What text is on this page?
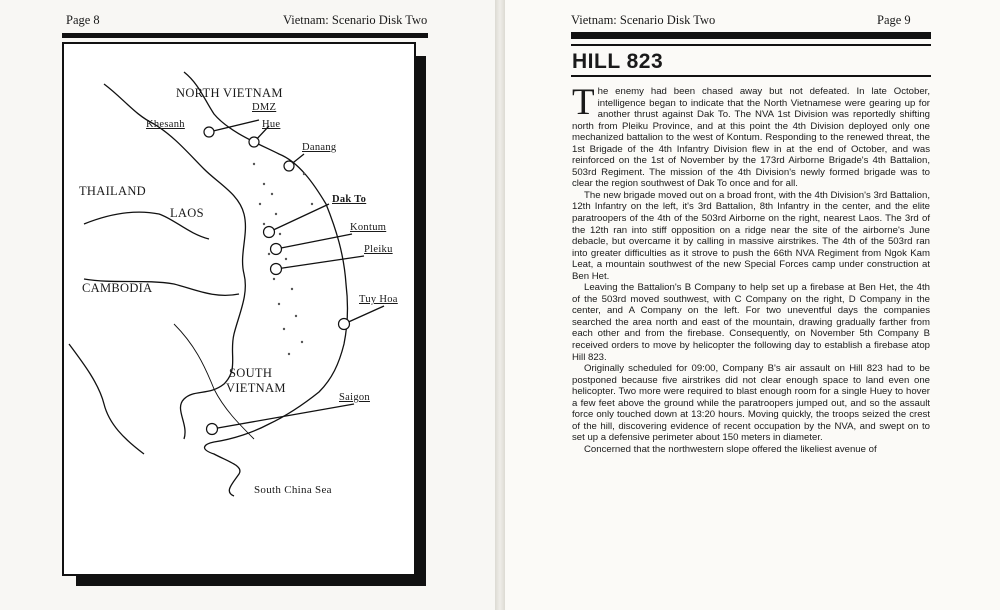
Page 8	Vietnam: Scenario Disk Two
NORTH VIETNAM
DMZ
Khesanh	Hue
Danang
THAILAND
Dak To
LAOS
Kontum
Pleiku
CAMBODIA
Tuy Hoa
SOUTH
VIETNAM
Saigon
South China Sea
Vietnam: Scenario Disk Two	Page 9
HILL 823

The enemy had been chased away but not defeated. In late October, intelligence began to indicate that the North Vietnamese were gearing up for another thrust against Dak To. The NVA 1st Division was reportedly shifting north from Pleiku Province, and at this point the 4th Division deployed only one mechanized battalion to the west of Kontum. Responding to the renewed threat, the 1st Brigade of the 4th Infantry Division flew in at the end of October, and was reinforced on the 1st of November by the 173rd Airborne Brigade's 4th Battalion, 503rd Regiment. The mission of the 4th Division's newly formed brigade was to clear the region southwest of Dak To once and for all.

The new brigade moved out on a broad front, with the 4th Division's 3rd Battalion, 12th Infantry on the left, it's 3rd Battalion, 8th Infantry in the center, and the elite paratroopers of the 4th of the 503rd Airborne on the right, nearest Laos. The 3rd of the 12th ran into stiff opposition on a ridge near the site of the airborne's June debacle, but overcame it by calling in massive airstrikes. The 4th of the 503rd ran into greater difficulties as it strove to push the 66th NVA Regiment from Ngok Kam Leat, a mountain southwest of the new Special Forces camp under construction at Ben Het.

Leaving the Battalion's B Company to help set up a firebase at Ben Het, the 4th of the 503rd moved southwest, with C Company on the right, D Company in the center, and A Company on the left. For two uneventful days the companies searched the area north and east of the mountain, drawing gradually farther from each other and from the firebase. Consequently, on November 5th Company B received orders to move by helicopter the following day to establish a firebase atop Hill 823.

Originally scheduled for 09:00, Company B's air assault on Hill 823 had to be postponed because five airstrikes did not clear enough space to land even one helicopter. Two more were required to blast enough room for a single Huey to hover a few feet above the ground while the paratroopers jumped out, and so the assault force only touched down at 13:20 hours. Moving quickly, the troops seized the crest of the hill, discovering evidence of recent occupation by the NVA, and swept on to set up a defensive perimeter about 150 meters in diameter.

Concerned that the northwestern slope offered the likeliest avenue of
